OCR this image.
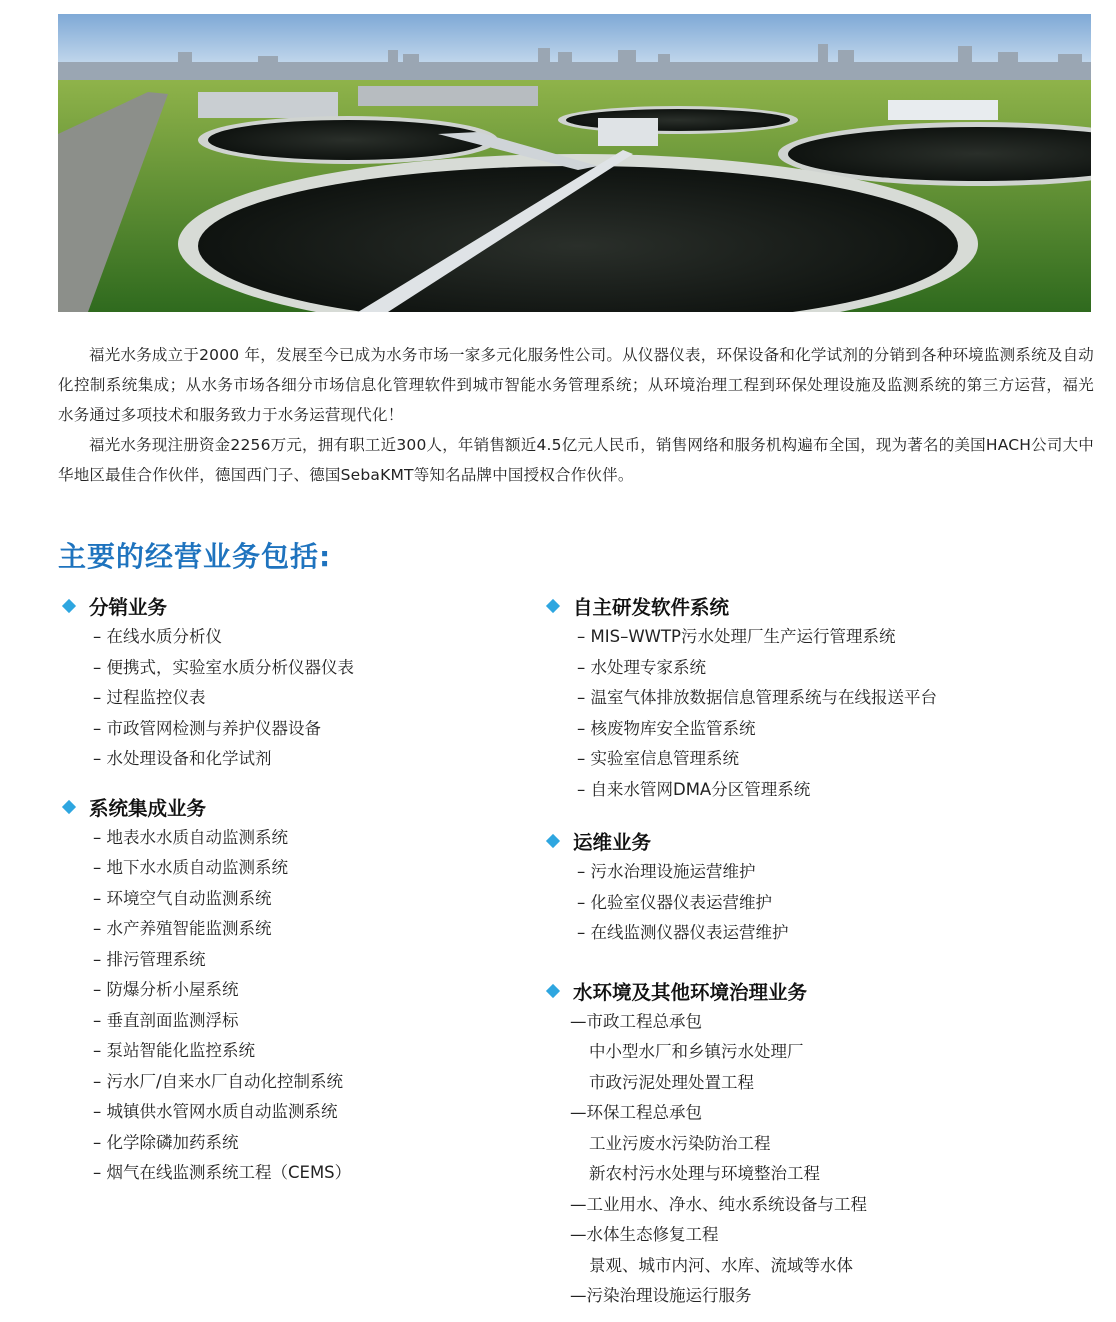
福光水务成立于2000 年，发展至今已成为水务市场一家多元化服务性公司。从仪器仪表，环保设备和化学试剂的分销到各种环境监测系统及自动化控制系统集成；从水务市场各细分市场信息化管理软件到城市智能水务管理系统；从环境治理工程到环保处理设施及监测系统的第三方运营，福光水务通过多项技术和服务致力于水务运营现代化！

福光水务现注册资金2256万元，拥有职工近300人，年销售额近4.5亿元人民币，销售网络和服务机构遍布全国，现为著名的美国HACH公司大中华地区最佳合作伙伴，德国西门子、德国SebaKMT等知名品牌中国授权合作伙伴。

主要的经营业务包括:
分销业务
– 在线水质分析仪
– 便携式，实验室水质分析仪器仪表
– 过程监控仪表
– 市政管网检测与养护仪器设备
– 水处理设备和化学试剂
系统集成业务
– 地表水水质自动监测系统
– 地下水水质自动监测系统
– 环境空气自动监测系统
– 水产养殖智能监测系统
– 排污管理系统
– 防爆分析小屋系统
– 垂直剖面监测浮标
– 泵站智能化监控系统
– 污水厂/自来水厂自动化控制系统
– 城镇供水管网水质自动监测系统
– 化学除磷加药系统
– 烟气在线监测系统工程（CEMS）
自主研发软件系统
– MIS–WWTP污水处理厂生产运行管理系统
– 水处理专家系统
– 温室气体排放数据信息管理系统与在线报送平台
– 核废物库安全监管系统
– 实验室信息管理系统
– 自来水管网DMA分区管理系统
运维业务
– 污水治理设施运营维护
– 化验室仪器仪表运营维护
– 在线监测仪器仪表运营维护
水环境及其他环境治理业务
—市政工程总承包
中小型水厂和乡镇污水处理厂
市政污泥处理处置工程
—环保工程总承包
工业污废水污染防治工程
新农村污水处理与环境整治工程
—工业用水、净水、纯水系统设备与工程
—水体生态修复工程
景观、城市内河、水库、流域等水体
—污染治理设施运行服务
